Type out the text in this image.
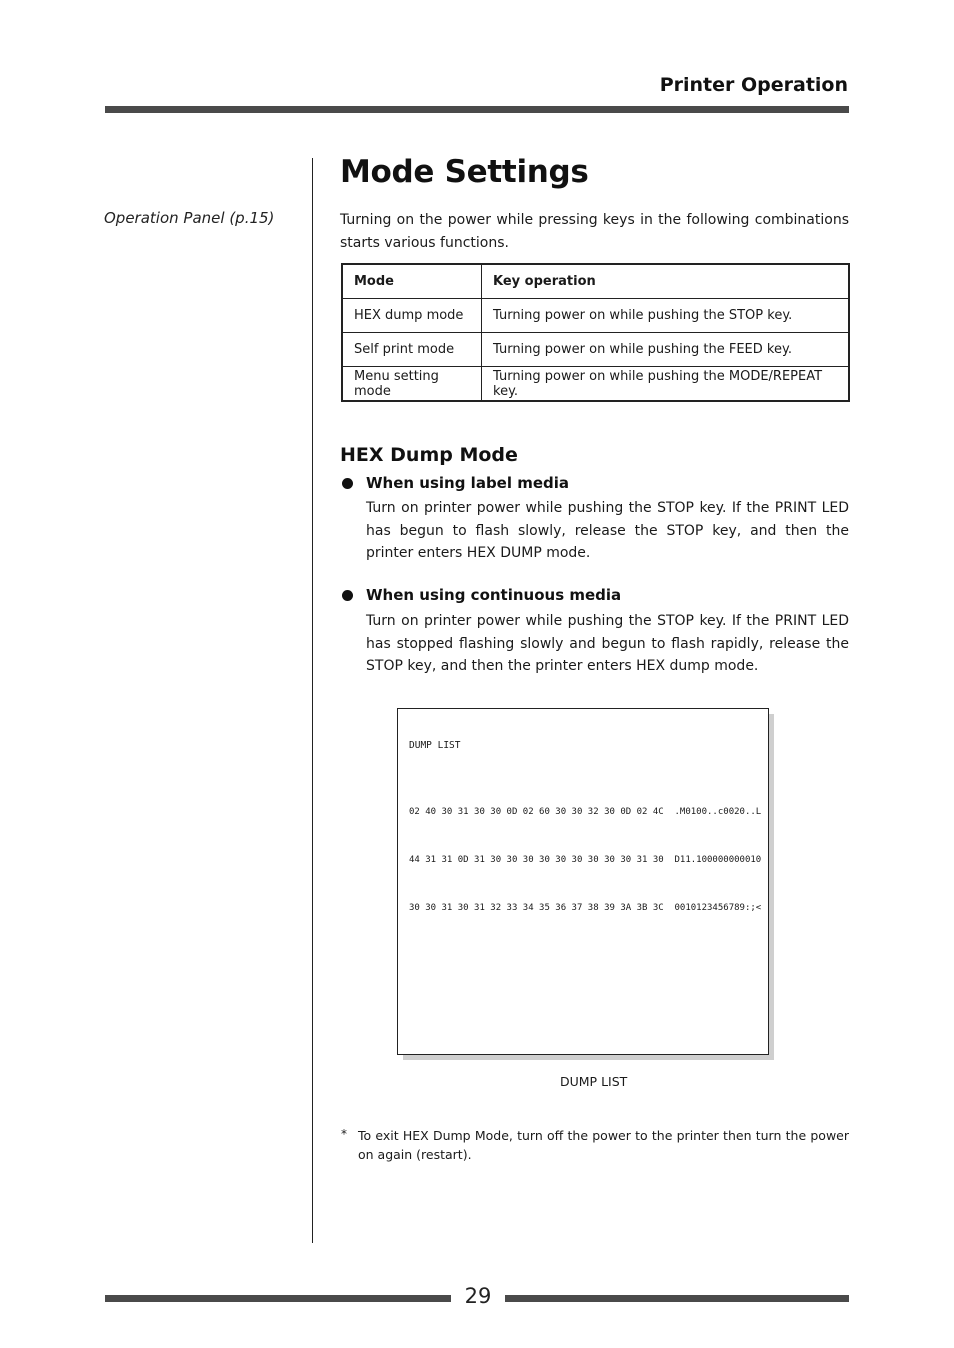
Printer Operation
Operation Panel (p.15)
Mode Settings
Turning on the power while pressing keys in the following combinations starts various functions.
Mode	Key operation
HEX dump mode	Turning power on while pushing the STOP key.
Self print mode	Turning power on while pushing the FEED key.
Menu setting mode	Turning power on while pushing the MODE/REPEAT key.
HEX Dump Mode
When using label media
Turn on printer power while pushing the STOP key. If the PRINT LED has begun to flash slowly, release the STOP key, and then the printer enters HEX DUMP mode.
When using continuous media
Turn on printer power while pushing the STOP key. If the PRINT LED has stopped flashing slowly and begun to flash rapidly, release the STOP key, and then the printer enters HEX dump mode.
DUMP LIST

02 40 30 31 30 30 0D 02 60 30 30 32 30 0D 02 4C  .M0100..c0020..L

44 31 31 0D 31 30 30 30 30 30 30 30 30 30 31 30  D11.100000000010

30 30 31 30 31 32 33 34 35 36 37 38 39 3A 3B 3C  0010123456789:;<

DUMP LIST
* To exit HEX Dump Mode, turn off the power to the printer then turn the power on again (restart).
29
